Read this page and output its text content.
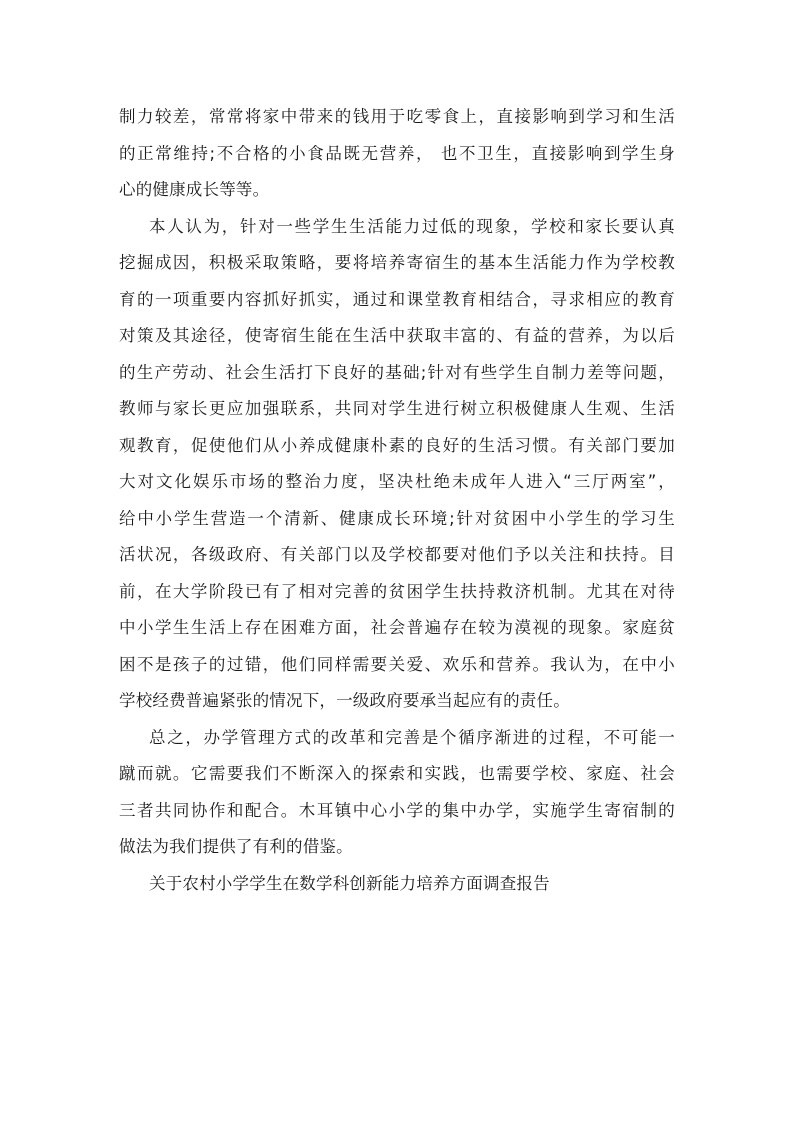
制力较差，常常将家中带来的钱用于吃零食上，直接影响到学习和生活
的正常维持;不合格的小食品既无营养， 也不卫生，直接影响到学生身
心的健康成长等等。
本人认为，针对一些学生生活能力过低的现象，学校和家长要认真
挖掘成因，积极采取策略，要将培养寄宿生的基本生活能力作为学校教
育的一项重要内容抓好抓实，通过和课堂教育相结合，寻求相应的教育
对策及其途径，使寄宿生能在生活中获取丰富的、有益的营养，为以后
的生产劳动、社会生活打下良好的基础;针对有些学生自制力差等问题，
教师与家长更应加强联系，共同对学生进行树立积极健康人生观、生活
观教育，促使他们从小养成健康朴素的良好的生活习惯。有关部门要加
大对文化娱乐市场的整治力度，坚决杜绝未成年人进入“三厅两室”，
给中小学生营造一个清新、健康成长环境;针对贫困中小学生的学习生
活状况，各级政府、有关部门以及学校都要对他们予以关注和扶持。目
前，在大学阶段已有了相对完善的贫困学生扶持救济机制。尤其在对待
中小学生生活上存在困难方面，社会普遍存在较为漠视的现象。家庭贫
困不是孩子的过错，他们同样需要关爱、欢乐和营养。我认为，在中小
学校经费普遍紧张的情况下，一级政府要承当起应有的责任。
总之，办学管理方式的改革和完善是个循序渐进的过程，不可能一
蹴而就。它需要我们不断深入的探索和实践，也需要学校、家庭、社会
三者共同协作和配合。木耳镇中心小学的集中办学，实施学生寄宿制的
做法为我们提供了有利的借鉴。
关于农村小学学生在数学科创新能力培养方面调查报告
